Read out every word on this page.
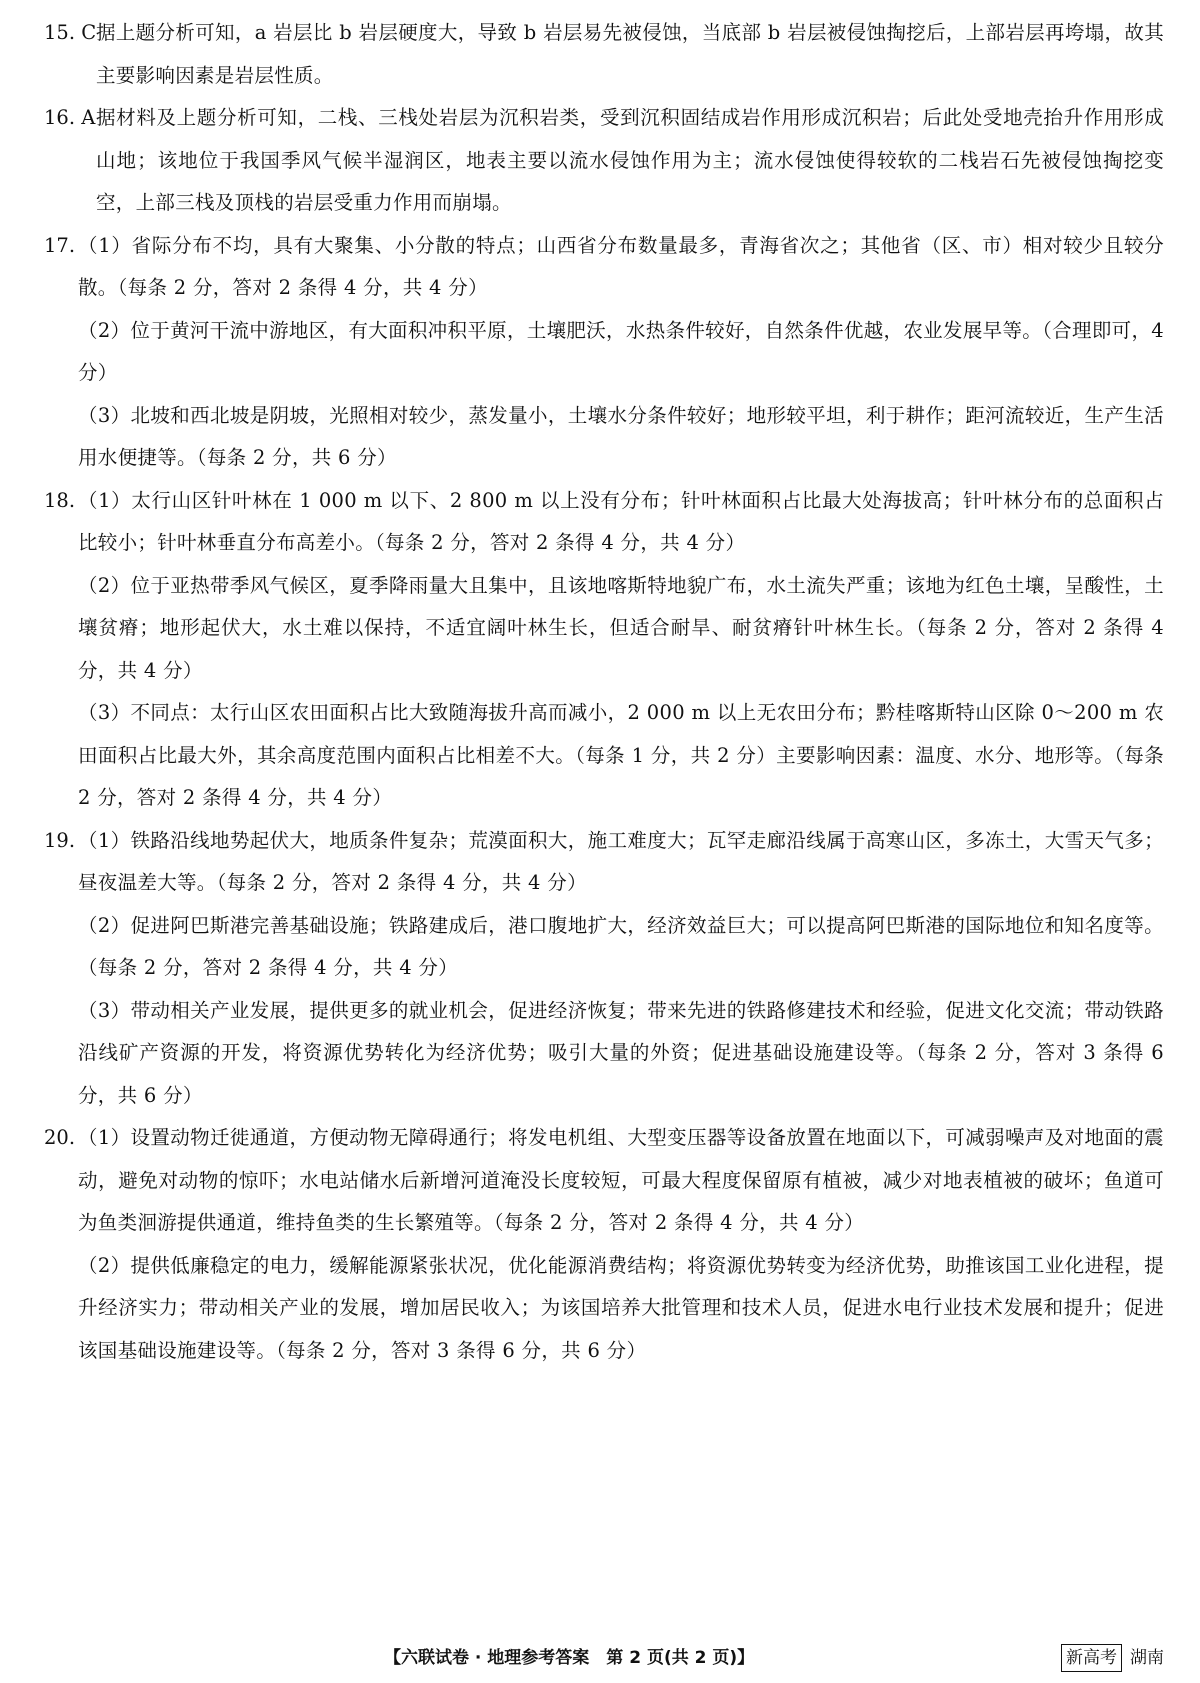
15. C 据上题分析可知，a 岩层比 b 岩层硬度大，导致 b 岩层易先被侵蚀，当底部 b 岩层被侵蚀掏挖后，上部岩层再垮塌，故其主要影响因素是岩层性质。

16. A 据材料及上题分析可知，二栈、三栈处岩层为沉积岩类，受到沉积固结成岩作用形成沉积岩；后此处受地壳抬升作用形成山地；该地位于我国季风气候半湿润区，地表主要以流水侵蚀作用为主；流水侵蚀使得较软的二栈岩石先被侵蚀掏挖变空，上部三栈及顶栈的岩层受重力作用而崩塌。

17. （1）省际分布不均，具有大聚集、小分散的特点；山西省分布数量最多，青海省次之；其他省（区、市）相对较少且较分散。（每条 2 分，答对 2 条得 4 分，共 4 分）

（2）位于黄河干流中游地区，有大面积冲积平原，土壤肥沃，水热条件较好，自然条件优越，农业发展早等。（合理即可，4 分）

（3）北坡和西北坡是阴坡，光照相对较少，蒸发量小，土壤水分条件较好；地形较平坦，利于耕作；距河流较近，生产生活用水便捷等。（每条 2 分，共 6 分）

18. （1）太行山区针叶林在 1 000 m 以下、2 800 m 以上没有分布；针叶林面积占比最大处海拔高；针叶林分布的总面积占比较小；针叶林垂直分布高差小。（每条 2 分，答对 2 条得 4 分，共 4 分）

（2）位于亚热带季风气候区，夏季降雨量大且集中，且该地喀斯特地貌广布，水土流失严重；该地为红色土壤，呈酸性，土壤贫瘠；地形起伏大，水土难以保持，不适宜阔叶林生长，但适合耐旱、耐贫瘠针叶林生长。（每条 2 分，答对 2 条得 4 分，共 4 分）

（3）不同点：太行山区农田面积占比大致随海拔升高而减小，2 000 m 以上无农田分布；黔桂喀斯特山区除 0～200 m 农田面积占比最大外，其余高度范围内面积占比相差不大。（每条 1 分，共 2 分）主要影响因素：温度、水分、地形等。（每条 2 分，答对 2 条得 4 分，共 4 分）

19. （1）铁路沿线地势起伏大，地质条件复杂；荒漠面积大，施工难度大；瓦罕走廊沿线属于高寒山区，多冻土，大雪天气多；昼夜温差大等。（每条 2 分，答对 2 条得 4 分，共 4 分）

（2）促进阿巴斯港完善基础设施；铁路建成后，港口腹地扩大，经济效益巨大；可以提高阿巴斯港的国际地位和知名度等。（每条 2 分，答对 2 条得 4 分，共 4 分）

（3）带动相关产业发展，提供更多的就业机会，促进经济恢复；带来先进的铁路修建技术和经验，促进文化交流；带动铁路沿线矿产资源的开发，将资源优势转化为经济优势；吸引大量的外资；促进基础设施建设等。（每条 2 分，答对 3 条得 6 分，共 6 分）

20. （1）设置动物迁徙通道，方便动物无障碍通行；将发电机组、大型变压器等设备放置在地面以下，可减弱噪声及对地面的震动，避免对动物的惊吓；水电站储水后新增河道淹没长度较短，可最大程度保留原有植被，减少对地表植被的破坏；鱼道可为鱼类洄游提供通道，维持鱼类的生长繁殖等。（每条 2 分，答对 2 条得 4 分，共 4 分）

（2）提供低廉稳定的电力，缓解能源紧张状况，优化能源消费结构；将资源优势转变为经济优势，助推该国工业化进程，提升经济实力；带动相关产业的发展，增加居民收入；为该国培养大批管理和技术人员，促进水电行业技术发展和提升；促进该国基础设施建设等。（每条 2 分，答对 3 条得 6 分，共 6 分）

【六联试卷 · 地理参考答案　第 2 页(共 2 页)】	新高考 湖南
